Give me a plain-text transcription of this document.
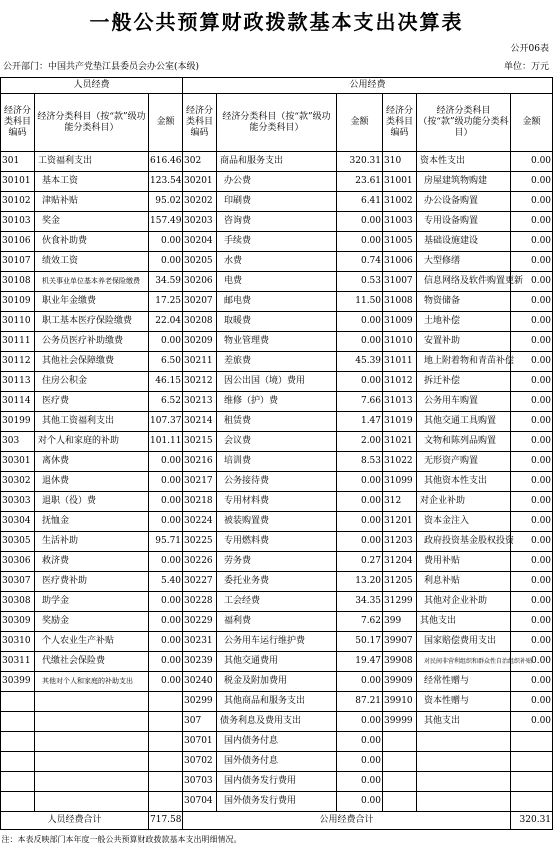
一般公共预算财政拨款基本支出决算表
公开06表
公开部门：中国共产党垫江县委员会办公室(本级)	单位：万元
人员经费			公用经费					
经济分类科目编码	经济分类科目（按“款”级功能分类科目）	金额	经济分类科目编码	经济分类科目（按“款”级功能分类科目）	金额	经济分类科目编码	经济分类科目（按“款”级功能分类科目）	金额
301	工资福利支出	616.46	302	商品和服务支出	320.31	310	资本性支出	0.00
30101	基本工资	123.54	30201	办公费	23.61	31001	房屋建筑物购建	0.00
30102	津贴补贴	95.02	30202	印刷费	6.41	31002	办公设备购置	0.00
30103	奖金	157.49	30203	咨询费	0.00	31003	专用设备购置	0.00
30106	伙食补助费	0.00	30204	手续费	0.00	31005	基础设施建设	0.00
30107	绩效工资	0.00	30205	水费	0.74	31006	大型修缮	0.00
30108	机关事业单位基本养老保险缴费	34.59	30206	电费	0.53	31007	信息网络及软件购置更新	0.00
30109	职业年金缴费	17.25	30207	邮电费	11.50	31008	物资储备	0.00
30110	职工基本医疗保险缴费	22.04	30208	取暖费	0.00	31009	土地补偿	0.00
30111	公务员医疗补助缴费	0.00	30209	物业管理费	0.00	31010	安置补助	0.00
30112	其他社会保障缴费	6.50	30211	差旅费	45.39	31011	地上附着物和青苗补偿	0.00
30113	住房公积金	46.15	30212	因公出国（境）费用	0.00	31012	拆迁补偿	0.00
30114	医疗费	6.52	30213	维修（护）费	7.66	31013	公务用车购置	0.00
30199	其他工资福利支出	107.37	30214	租赁费	1.47	31019	其他交通工具购置	0.00
303	对个人和家庭的补助	101.11	30215	会议费	2.00	31021	文物和陈列品购置	0.00
30301	离休费	0.00	30216	培训费	8.53	31022	无形资产购置	0.00
30302	退休费	0.00	30217	公务接待费	0.00	31099	其他资本性支出	0.00
30303	退职（役）费	0.00	30218	专用材料费	0.00	312	对企业补助	0.00
30304	抚恤金	0.00	30224	被装购置费	0.00	31201	资本金注入	0.00
30305	生活补助	95.71	30225	专用燃料费	0.00	31203	政府投资基金股权投资	0.00
30306	救济费	0.00	30226	劳务费	0.27	31204	费用补贴	0.00
30307	医疗费补助	5.40	30227	委托业务费	13.20	31205	利息补贴	0.00
30308	助学金	0.00	30228	工会经费	34.35	31299	其他对企业补助	0.00
30309	奖励金	0.00	30229	福利费	7.62	399	其他支出	0.00
30310	个人农业生产补贴	0.00	30231	公务用车运行维护费	50.17	39907	国家赔偿费用支出	0.00
30311	代缴社会保险费	0.00	30239	其他交通费用	19.47	39908	对民间非营利组织和群众性自治组织补贴	0.00
30399	其他对个人和家庭的补助支出	0.00	30240	税金及附加费用	0.00	39909	经常性赠与	0.00
			30299	其他商品和服务支出	87.21	39910	资本性赠与	0.00
			307	债务利息及费用支出	0.00	39999	其他支出	0.00
			30701	国内债务付息	0.00			
			30702	国外债务付息	0.00			
			30703	国内债务发行费用	0.00			
			30704	国外债务发行费用	0.00			
人员经费合计		717.58	公用经费合计					320.31
注：本表反映部门本年度一般公共预算财政拨款基本支出明细情况。								
